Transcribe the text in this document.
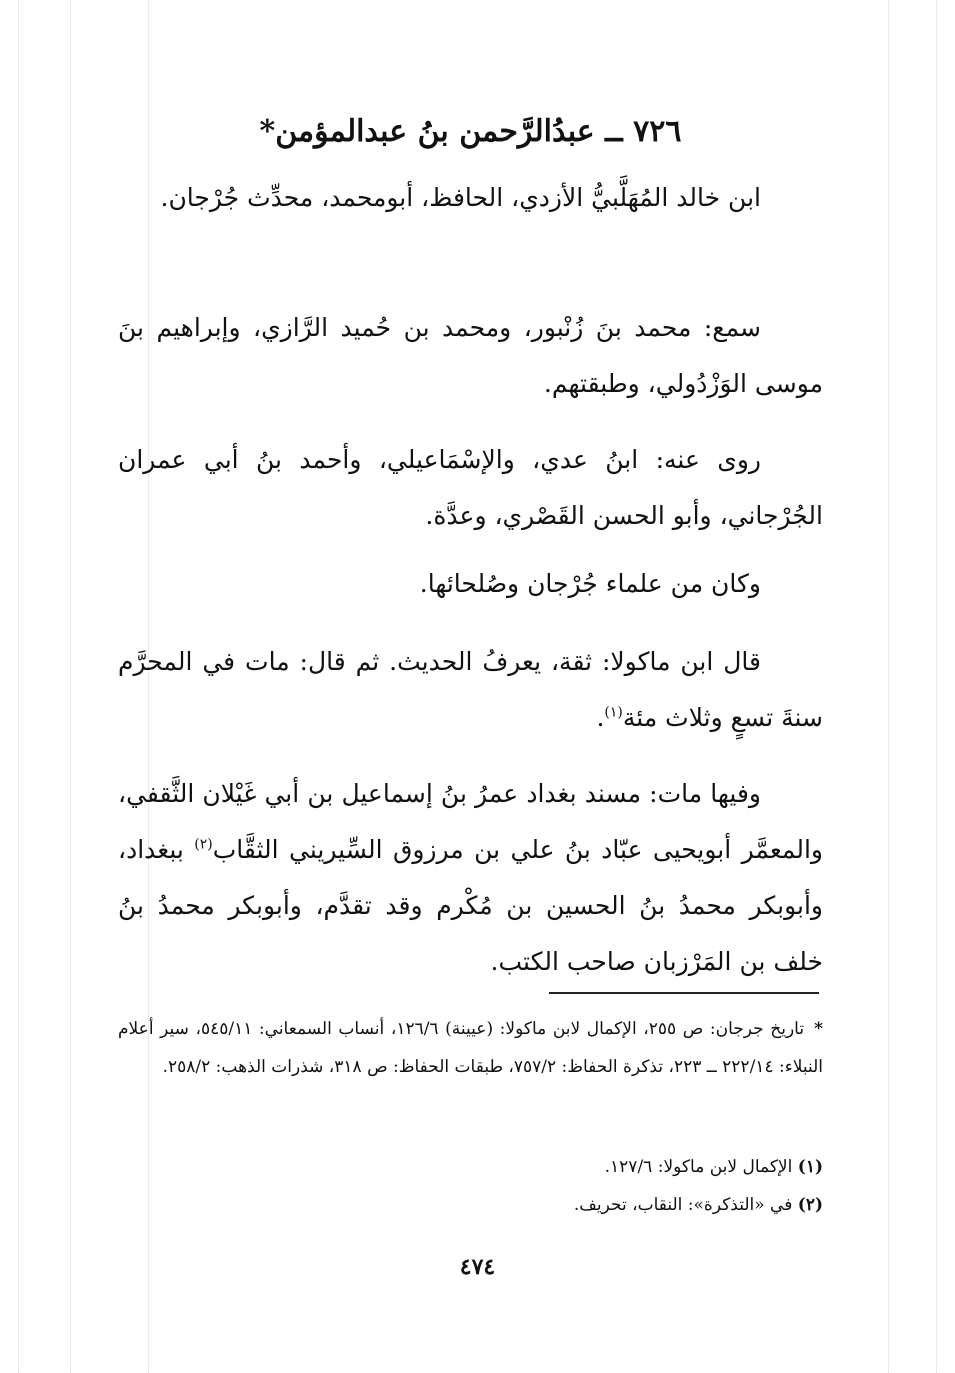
٧٢٦ ــ عبدُالرَّحمن بنُ عبدالمؤمن*

ابن خالد المُهَلَّبيُّ الأزدي، الحافظ، أبومحمد، محدِّث جُرْجان.

سمع: محمد بنَ زُنْبور، ومحمد بن حُميد الرَّازي، وإبراهيم بنَ موسى الوَزْدُولي، وطبقتهم.

روى عنه: ابنُ عدي، والإسْمَاعيلي، وأحمد بنُ أبي عمران الجُرْجاني، وأبو الحسن القَصْري، وعدَّة.

وكان من علماء جُرْجان وصُلحائها.

قال ابن ماكولا: ثقة، يعرفُ الحديث. ثم قال: مات في المحرَّم سنةَ تسعٍ وثلاث مئة$^{(١)}$.

وفيها مات: مسند بغداد عمرُ بنُ إسماعيل بن أبي غَيْلان الثَّقفي، والمعمَّر أبويحيى عبّاد بنُ علي بن مرزوق السِّيريني الثقَّاب$^{(٢)}$ ببغداد، وأبوبكر محمدُ بنُ الحسين بن مُكْرم وقد تقدَّم، وأبوبكر محمدُ بنُ خلف بن المَرْزبان صاحب الكتب.

*تاريخ جرجان: ص ٢٥٥، الإكمال لابن ماكولا: (عيينة) ١٢٦/٦، أنساب السمعاني: ٥٤٥/١١، سير أعلام النبلاء: ٢٢٢/١٤ ــ ٢٢٣، تذكرة الحفاظ: ٧٥٧/٢، طبقات الحفاظ: ص ٣١٨، شذرات الذهب: ٢٥٨/٢.

(١) الإكمال لابن ماكولا: ١٢٧/٦.

(٢) في «التذكرة»: النقاب، تحريف.

٤٧٤
